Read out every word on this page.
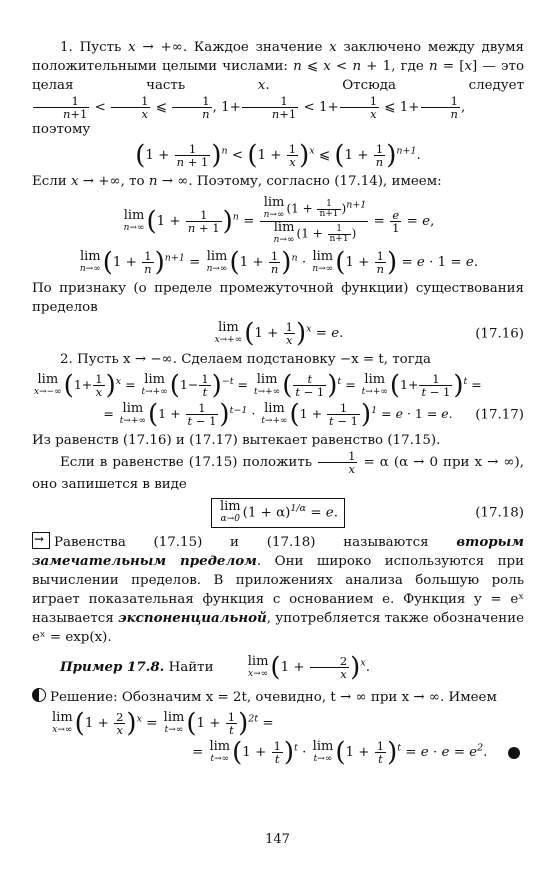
1. Пусть x → +∞. Каждое значение x заключено между двумя положительными целыми числами: n ⩽ x < n + 1, где n = [x] — это целая часть x. Отсюда следует
$\frac{1}{n+1} < \frac{1}{x}$ ⩽ $\frac{1}{n}$ , $1+ \frac{1}{n+1} < 1+ \frac{1}{x}$ ⩽ $1+ \frac{1}{n}$ ,

поэтому

$(1 + \frac{1}{n + 1} )^n < (1 + \frac{1}{x} )^x$ ⩽ $(1 + \frac{1}{n} )^{n+1}$.

Если x → +∞, то n → ∞. Поэтому, согласно (17.14), имеем:

lim
n→∞ $(1 + \frac{1}{n + 1} )^n = \lim$
n→∞ $(1 + \frac{1}{n+1} )^{n+1}$
lim
n→∞ ($1 + \frac{1}{n+1}$ ) = $\frac{e}{1} = e$,
lim
n→∞ $(1 + \frac{1}{n} )^{n+1} = \lim$
n→∞ $(1 + \frac{1}{n} )^n \cdot \lim$
n→∞ ($1 + \frac{1}{n}$ ) = e · 1 = e.

По признаку (о пределе промежуточной функции) существования пределов

lim
x→+∞ $(1 + \frac{1}{x} )^x = e$.	(17.16)

2. Пусть x → −∞. Сделаем подстановку −x = t, тогда

lim
x→−∞ $(1+ \frac{1}{x} )^x = \lim$
t→+∞ $(1- \frac{1}{t} )^{-t} = \lim$
t→+∞ ( $\frac{t}{t - 1} )^t = \lim$
t→+∞ $(1+ \frac{1}{t - 1} )^t$ =
= lim
t→+∞ $(1 + \frac{1}{t - 1} )^{t-1} \cdot \lim$
t→+∞ $(1 + \frac{1}{t - 1} )^1 = e \cdot 1 = e$. (17.17)

Из равенств (17.16) и (17.17) вытекает равенство (17.15).

Если в равенстве (17.15) положить $\frac{1}{x} = \alpha$ (α → 0 при x → ∞), оно запишется в виде

lim
α→0 $(1 + \alpha)^{1/\alpha} = e$.	(17.18)

→Равенства (17.15) и (17.18) называются вторым замечательным пределом. Они широко используются при вычислении пределов. В приложениях анализа большую роль играет показательная функция с основанием e. Функция y = eˣ называется экспоненциальной, употребляется также обозначение eˣ = exp(x).

Пример 17.8. Найти	lim
x→∞ $(1 + \frac{2}{x} )^x$.

Решение: Обозначим x = 2t, очевидно, t → ∞ при x → ∞. Имеем

lim
x→∞ $(1 + \frac{2}{x} )^x = \lim$
t→∞ $(1 + \frac{1}{t} )^{2t}$ =
= lim
t→∞ $(1 + \frac{1}{t} )^t \cdot \lim$
t→∞ $(1 + \frac{1}{t} )^t = e \cdot e = e^2$.
147
